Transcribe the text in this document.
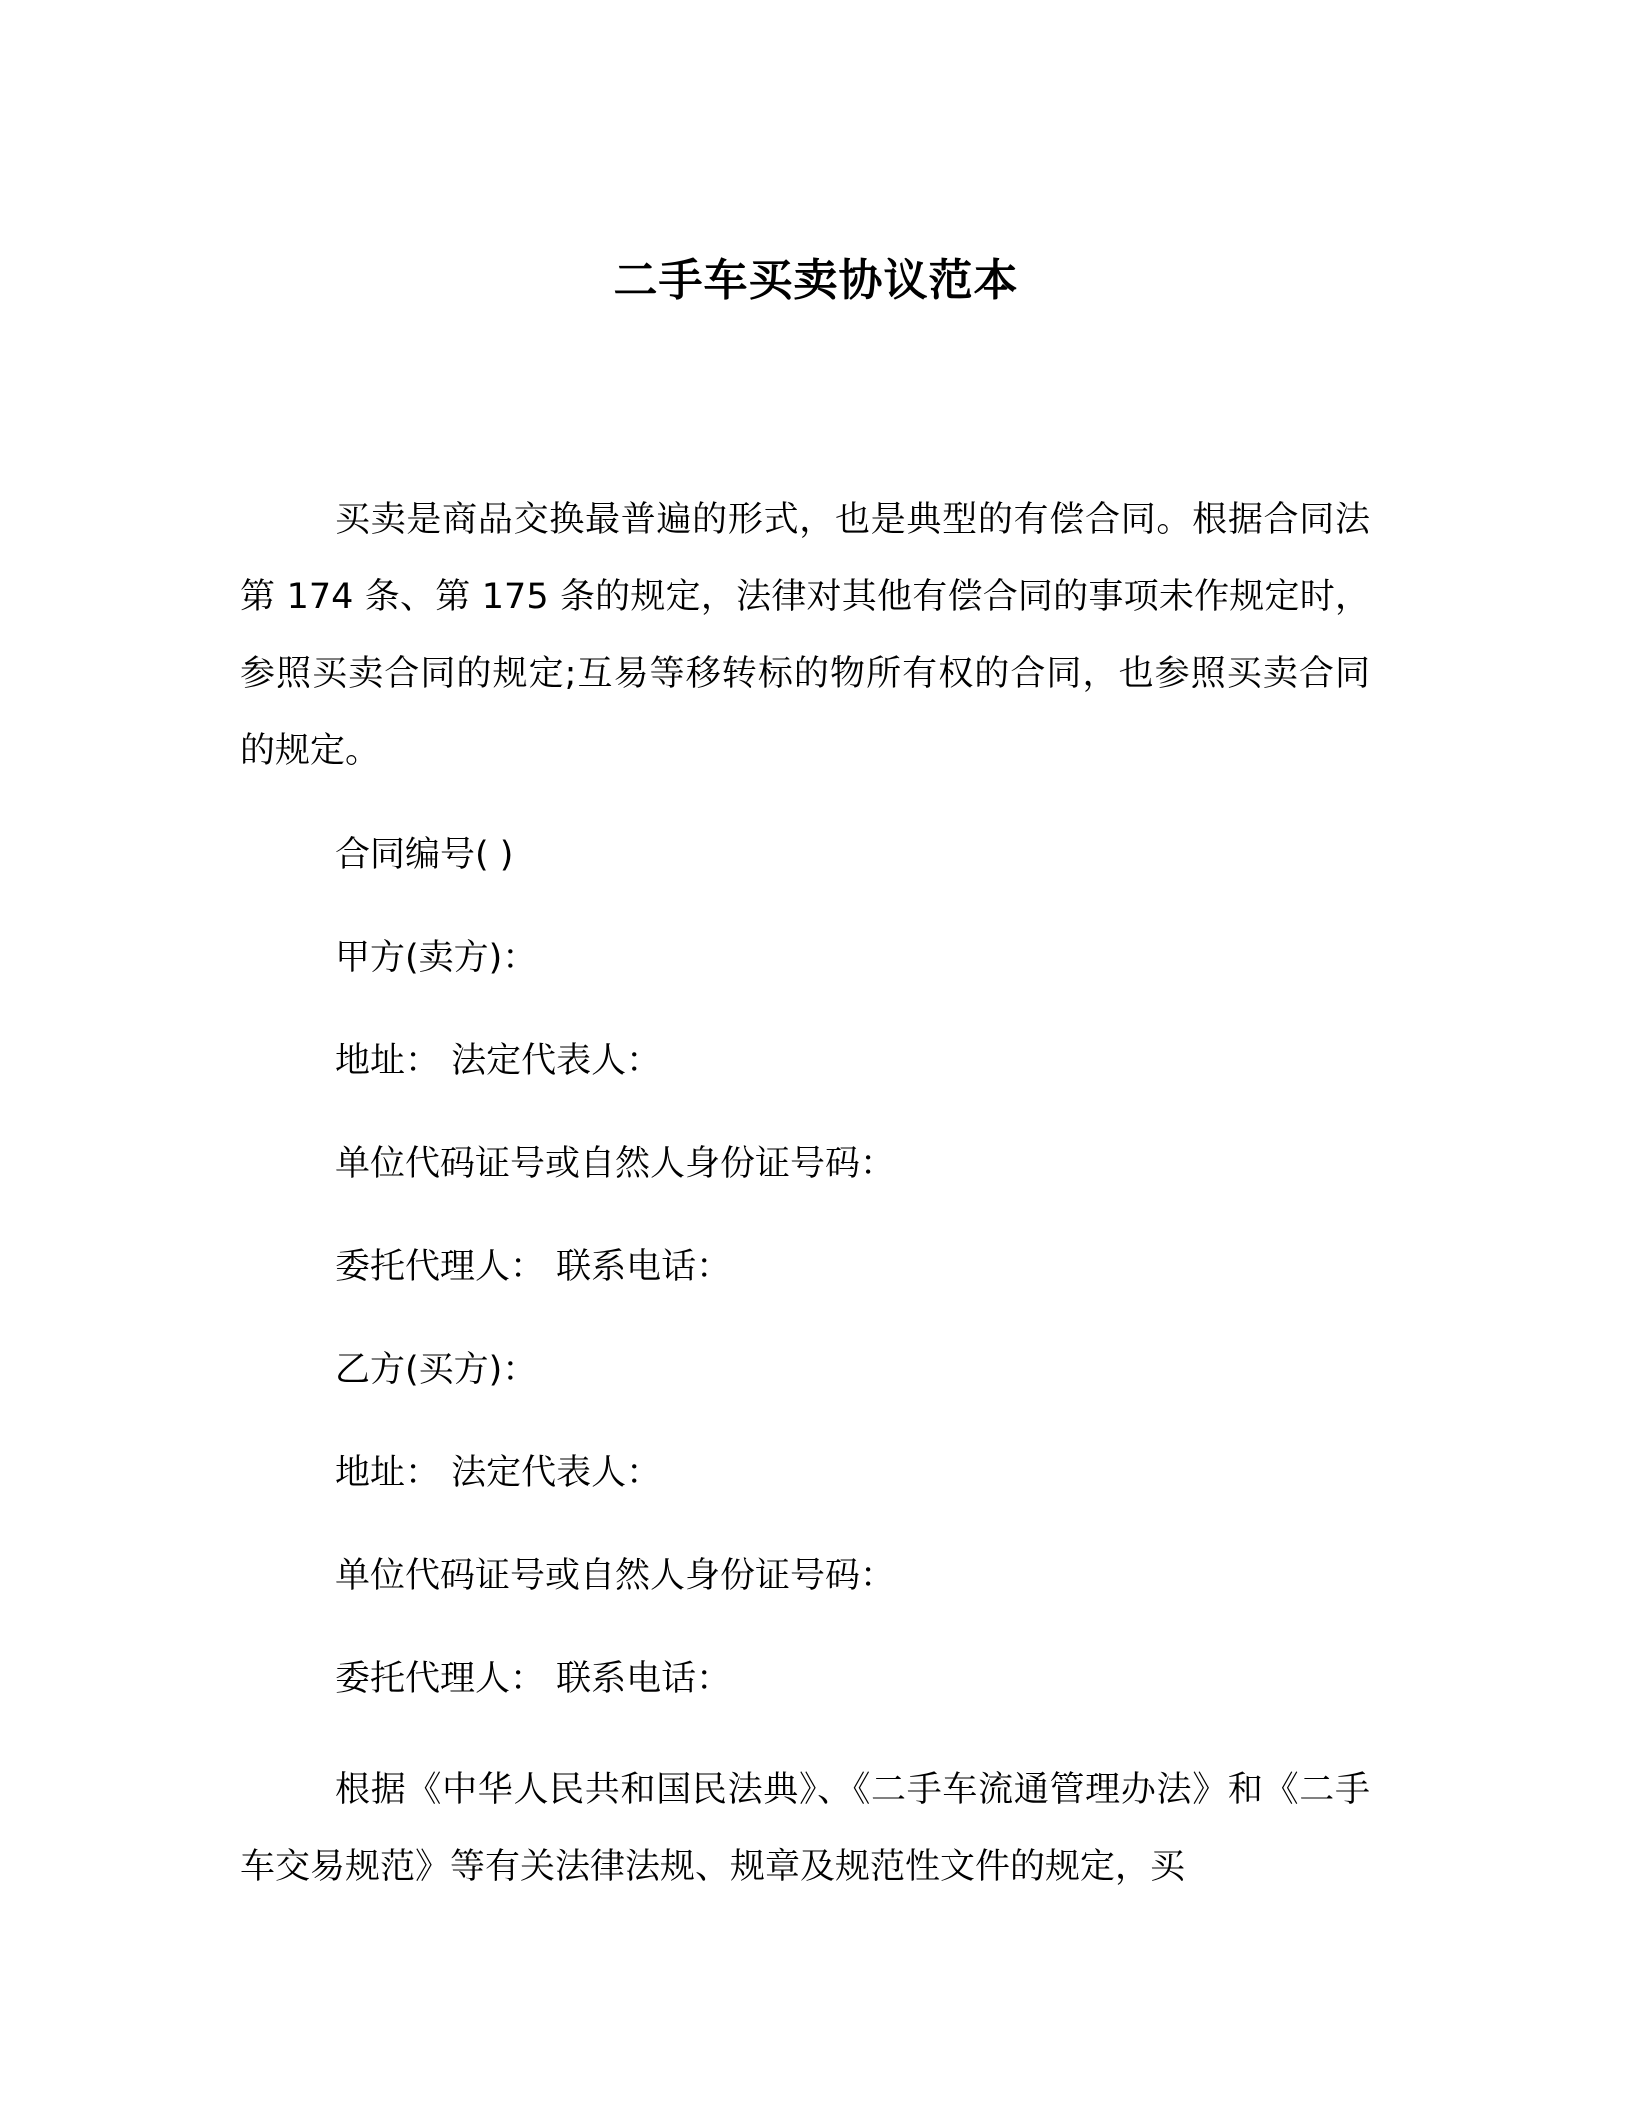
二手车买卖协议范本

买卖是商品交换最普遍的形式，也是典型的有偿合同。根据合同法第 174 条、第 175 条的规定，法律对其他有偿合同的事项未作规定时，参照买卖合同的规定;互易等移转标的物所有权的合同，也参照买卖合同的规定。

合同编号( )

甲方(卖方)：

地址： 法定代表人：

单位代码证号或自然人身份证号码：

委托代理人： 联系电话：

乙方(买方)：

地址： 法定代表人：

单位代码证号或自然人身份证号码：

委托代理人： 联系电话：

根据《中华人民共和国民法典》、《二手车流通管理办法》和《二手车交易规范》等有关法律法规、规章及规范性文件的规定，买
